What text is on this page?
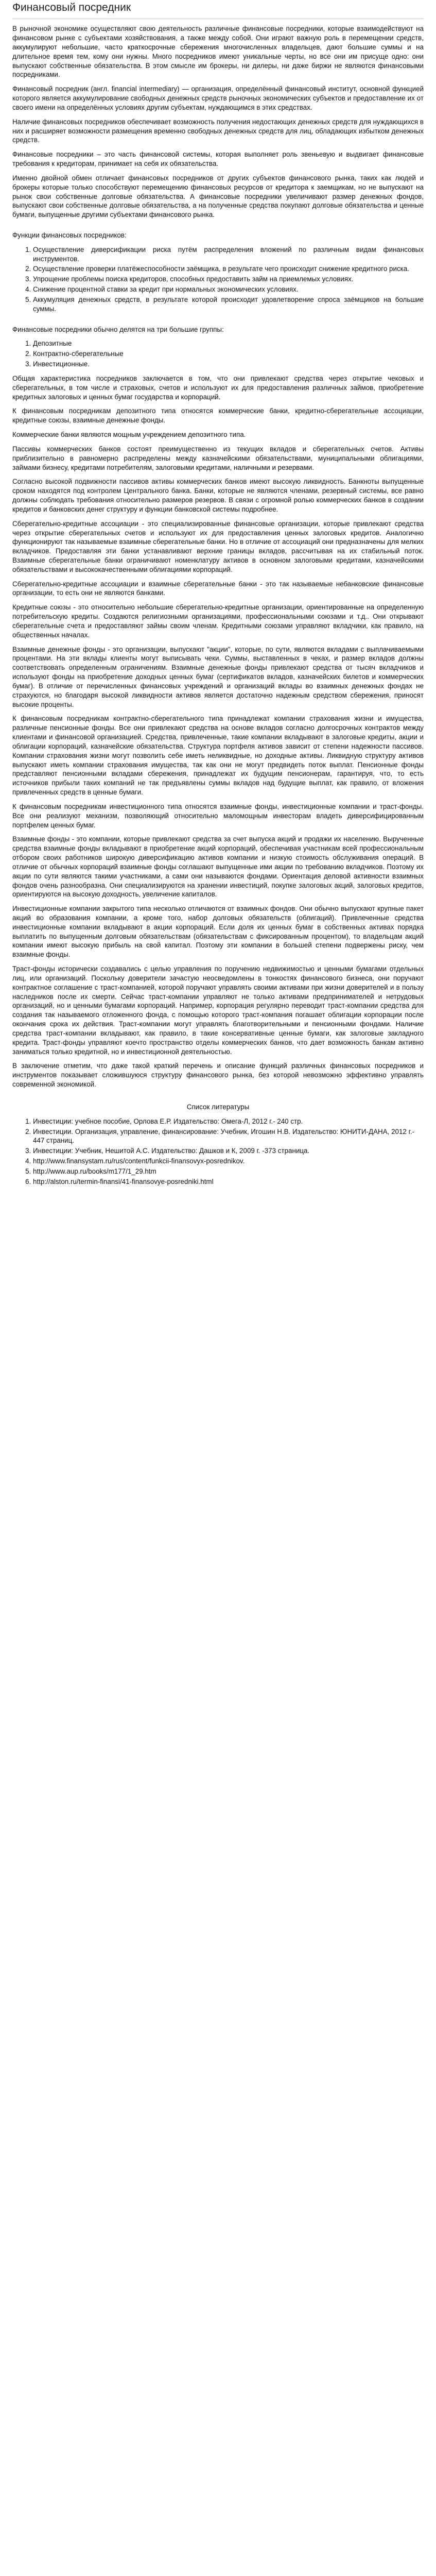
Финансовый посредник

В рыночной экономике осуществляют свою деятельность различные финансовые посредники, которые взаимодействуют на финансовом рынке с субъектами хозяйствования, а также между собой. Они играют важную роль в перемещении средств, аккумулируют небольшие, часто краткосрочные сбережения многочисленных владельцев, дают большие суммы и на длительное время тем, кому они нужны. Много посредников имеют уникальные черты, но все они им присуще одно: они выпускают собственные обязательства. В этом смысле им брокеры, ни дилеры, ни даже биржи не являются финансовыми посредниками.

Финансовый посредник (англ. financial intermediary) — организация, определённый финансовый институт, основной функцией которого является аккумулирование свободных денежных средств рыночных экономических субъектов и предоставление их от своего имени на определённых условиях другим субъектам, нуждающимся в этих средствах.

Наличие финансовых посредников обеспечивает возможность получения недостающих денежных средств для нуждающихся в них и расширяет возможности размещения временно свободных денежных средств для лиц, обладающих избытком денежных средств.

Финансовые посредники – это часть финансовой системы, которая выполняет роль звеньевую и выдвигает финансовые требования к кредиторам, принимает на себя их обязательства.

Именно двойной обмен отличает финансовых посредников от других субъектов финансового рынка, таких как людей и брокеры которые только способствуют перемещению финансовых ресурсов от кредитора к заемщикам, но не выпускают на рынок свои собственные долговые обязательства. А финансовые посредники увеличивают размер денежных фондов, выпускают свои собственные долговые обязательства, а на полученные средства покупают долговые обязательства и ценные бумаги, выпущенные другими субъектами финансового рынка.

Функции финансовых посредников:

1. Осуществление диверсификации риска путём распределения вложений по различным видам финансовых инструментов.
2. Осуществление проверки платёжеспособности заёмщика, в результате чего происходит снижение кредитного риска.
3. Упрощение проблемы поиска кредиторов, способных предоставить займ на приемлемых условиях.
4. Снижение процентной ставки за кредит при нормальных экономических условиях.
5. Аккумуляция денежных средств, в результате которой происходит удовлетворение спроса заёмщиков на большие суммы.

Финансовые посредники обычно делятся на три большие группы:

1. Депозитные
2. Контрактно-сберегательные
3. Инвестиционные.

Общая характеристика посредников заключается в том, что они привлекают средства через открытие чековых и сберегательных, в том числе и страховых, счетов и используют их для предоставления различных займов, приобретение кредитных залоговых и ценных бумаг государства и корпораций.

К финансовым посредникам депозитного типа относятся коммерческие банки, кредитно-сберегательные ассоциации, кредитные союзы, взаимные денежные фонды.

Коммерческие банки являются мощным учреждением депозитного типа.

Пассивы коммерческих банков состоят преимущественно из текущих вкладов и сберегательных счетов. Активы приблизительно в равномерно распределены между казначейскими обязательствами, муниципальными облигациями, займами бизнесу, кредитами потребителям, залоговыми кредитами, наличными и резервами.

Согласно высокой подвижности пассивов активы коммерческих банков имеют высокую ликвидность. Банкноты выпущенные сроком находятся под контролем Центрального банка. Банки, которые не являются членами, резервный системы, все равно должны соблюдать требования относительно размеров резервов. В связи с огромной ролью коммерческих банков в создании кредитов и банковских денег структуру и функции банковской системы подробнее.

Сберегательно-кредитные ассоциации - это специализированные финансовые организации, которые привлекают средства через открытие сберегательных счетов и используют их для предоставления ценных залоговых кредитов. Аналогично функционируют так называемые взаимные сберегательные банки. Но в отличие от ассоциаций они предназначены для мелких вкладчиков. Предоставляя эти банки устанавливают верхние границы вкладов, рассчитывая на их стабильный поток. Взаимные сберегательные банки ограничивают номенклатуру активов в основном залоговыми кредитами, казначейскими обязательствами и высококачественными облигациями корпораций.

Сберегательно-кредитные ассоциации и взаимные сберегательные банки - это так называемые небанковские финансовые организации, то есть они не являются банками.

Кредитные союзы - это относительно небольшие сберегательно-кредитные организации, ориентированные на определенную потребительскую кредиты. Создаются религиозными организациями, профессиональными союзами и т.д.. Они открывают сберегательные счета и предоставляют займы своим членам. Кредитными союзами управляют вкладчики, как правило, на общественных началах.

Взаимные денежные фонды - это организации, выпускают "акции", которые, по сути, являются вкладами с выплачиваемыми процентами. На эти вклады клиенты могут выписывать чеки. Суммы, выставленных в чеках, и размер вкладов должны соответствовать определенным ограничениям. Взаимные денежные фонды привлекают средства от тысяч вкладчиков и используют фонды на приобретение доходных ценных бумаг (сертификатов вкладов, казначейских билетов и коммерческих бумаг). В отличие от перечисленных финансовых учреждений и организаций вклады во взаимных денежных фондах не страхуются, но благодаря высокой ликвидности активов является достаточно надежным средством сбережения, приносят высокие проценты.

К финансовым посредникам контрактно-сберегательного типа принадлежат компании страхования жизни и имущества, различные пенсионные фонды. Все они привлекают средства на основе вкладов согласно долгосрочных контрактов между клиентами и финансовой организацией. Средства, привлеченные, такие компании вкладывают в залоговые кредиты, акции и облигации корпораций, казначейские обязательства. Структура портфеля активов зависит от степени надежности пассивов. Компании страхования жизни могут позволить себе иметь неликвидные, но доходные активы. Ликвидную структуру активов выпускают иметь компании страхования имущества, так как они не могут предвидеть поток выплат. Пенсионные фонды представляют пенсионными вкладами сбережения, принадлежат их будущим пенсионерам, гарантируя, что, то есть источников прибыли таких компаний не так предъявлены суммы вкладов над будущие выплат, как правило, от вложения привлеченных средств в ценные бумаги.

К финансовым посредникам инвестиционного типа относятся взаимные фонды, инвестиционные компании и траст-фонды. Все они реализуют механизм, позволяющий относительно маломощным инвесторам владеть диверсифицированным портфелем ценных бумаг.

Взаимные фонды - это компании, которые привлекают средства за счет выпуска акций и продажи их населению. Вырученные средства взаимные фонды вкладывают в приобретение акций корпораций, обеспечивая участникам всей профессиональным отбором своих работников широкую диверсификацию активов компании и низкую стоимость обслуживания операций. В отличие от обычных корпораций взаимные фонды соглашают выпущенные ими акции по требованию вкладчиков. Поэтому их акции по сути являются такими участниками, а сами они называются фондами. Ориентация деловой активности взаимных фондов очень разнообразна. Они специализируются на хранении инвестиций, покупке залоговых акций, залоговых кредитов, ориентируются на высокую доходность, увеличение капиталов.

Инвестиционные компании закрытого типа несколько отличаются от взаимных фондов. Они обычно выпускают крупные пакет акций во образования компании, а кроме того, набор долговых обязательств (облигаций). Привлеченные средства инвестиционные компании вкладывают в акции корпораций. Если доля их ценных бумаг в собственных активах порядка выплатить по выпущенным долговым обязательствам (обязательствам с фиксированным процентом), то владельцам акций компании имеют высокую прибыль на свой капитал. Поэтому эти компании в большей степени подвержены риску, чем взаимные фонды.

Траст-фонды исторически создавались с целью управления по поручению недвижимостью и ценными бумагами отдельных лиц, или организаций. Поскольку доверители зачастую неосведомлены в тонкостях финансового бизнеса, они поручают контрактное соглашение с траст-компанией, которой поручают управлять своими активами при жизни доверителей и в пользу наследников после их смерти. Сейчас траст-компании управляют не только активами предпринимателей и нетрудовых организаций, но и ценными бумагами корпораций. Например, корпорация регулярно переводит траст-компании средства для создания так называемого отложенного фонда, с помощью которого траст-компания погашает облигации корпорации после окончания срока их действия. Траст-компании могут управлять благотворительными и пенсионными фондами. Наличие средства траст-компании вкладывают, как правило, в такие консервативные ценные бумаги, как залоговые закладного кредита. Траст-фонды управляют коечто пространство отделы коммерческих банков, что дает возможность банкам активно заниматься только кредитной, но и инвестиционной деятельностью.

В заключение отметим, что даже такой краткий перечень и описание функций различных финансовых посредников и инструментов показывает сложившуюся структуру финансового рынка, без которой невозможно эффективно управлять современной экономикой.

Список литературы

1. Инвестиции: учебное пособие, Орлова Е.Р. Издательство: Омега-Л, 2012 г.- 240 стр.
2. Инвестиции. Организация, управление, финансирование: Учебник, Игошин Н.В. Издательство: ЮНИТИ-ДАНА, 2012 г.- 447 страниц.
3. Инвестиции: Учебник, Нешитой А.С. Издательство: Дашков и К, 2009 г. -373 страница.
4. http://www.finansystam.ru/rus/content/funkcii-finansovyx-posrednikov.
5. http://www.aup.ru/books/m177/1_29.htm
6. http://alston.ru/termin-finansi/41-finansovye-posredniki.html
